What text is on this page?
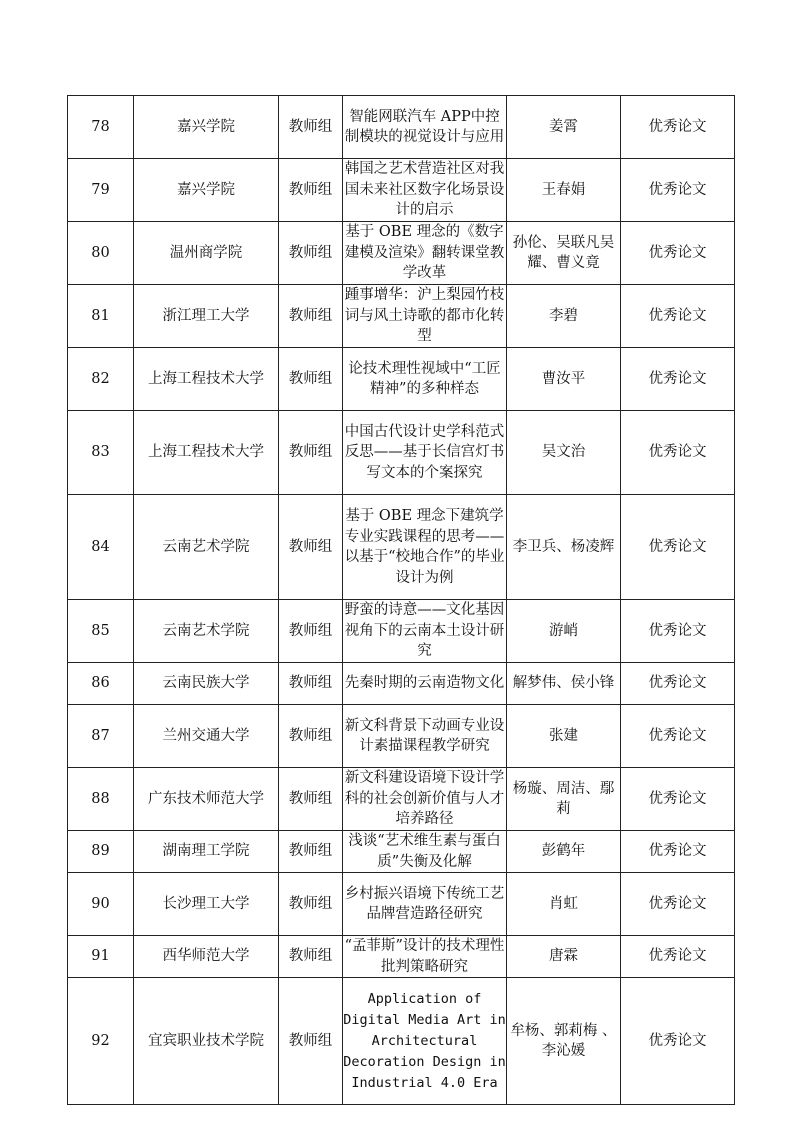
78	嘉兴学院	教师组	智能网联汽车 APP中控制模块的视觉设计与应用	姜霄	优秀论文
79	嘉兴学院	教师组	韩国之艺术营造社区对我国未来社区数字化场景设计的启示	王春娟	优秀论文
80	温州商学院	教师组	基于 OBE 理念的《数字建模及渲染》翻转课堂教学改革	孙伦、吴联凡吴耀、曹义竟	优秀论文
81	浙江理工大学	教师组	踵事增华：沪上梨园竹枝词与风土诗歌的都市化转型	李碧	优秀论文
82	上海工程技术大学	教师组	论技术理性视域中“工匠精神”的多种样态	曹汝平	优秀论文
83	上海工程技术大学	教师组	中国古代设计史学科范式反思——基于长信宫灯书写文本的个案探究	吴文治	优秀论文
84	云南艺术学院	教师组	基于 OBE 理念下建筑学专业实践课程的思考——以基于“校地合作”的毕业设计为例	李卫兵、杨凌辉	优秀论文
85	云南艺术学院	教师组	野蛮的诗意——文化基因视角下的云南本土设计研究	游峭	优秀论文
86	云南民族大学	教师组	先秦时期的云南造物文化	解梦伟、侯小锋	优秀论文
87	兰州交通大学	教师组	新文科背景下动画专业设计素描课程教学研究	张建	优秀论文
88	广东技术师范大学	教师组	新文科建设语境下设计学科的社会创新价值与人才培养路径	杨璇、周洁、鄢莉	优秀论文
89	湖南理工学院	教师组	浅谈“艺术维生素与蛋白质”失衡及化解	彭鹤年	优秀论文
90	长沙理工大学	教师组	乡村振兴语境下传统工艺品牌营造路径研究	肖虹	优秀论文
91	西华师范大学	教师组	“孟菲斯”设计的技术理性批判策略研究	唐霖	优秀论文
92	宜宾职业技术学院	教师组	Application of Digital Media Art in Architectural Decoration Design in Industrial 4.0 Era	牟杨、郭莉梅 、李沁媛	优秀论文
